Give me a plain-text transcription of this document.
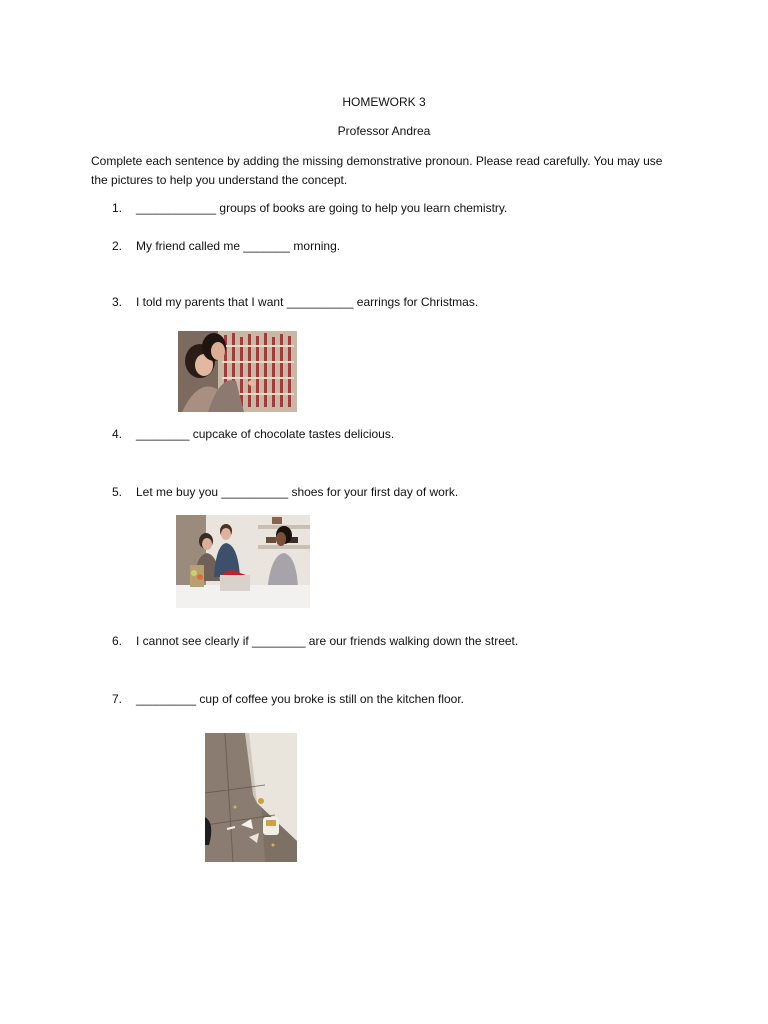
HOMEWORK 3
Professor Andrea
Complete each sentence by adding the missing demonstrative pronoun. Please read carefully. You may use the pictures to help you understand the concept.
1. ____________ groups of books are going to help you learn chemistry.
2. My friend called me _______ morning.
3. I told my parents that I want __________ earrings for Christmas.
4. ________ cupcake of chocolate tastes delicious.
5. Let me buy you __________ shoes for your first day of work.
6. I cannot see clearly if ________ are our friends walking down the street.
7. _________ cup of coffee you broke is still on the kitchen floor.
